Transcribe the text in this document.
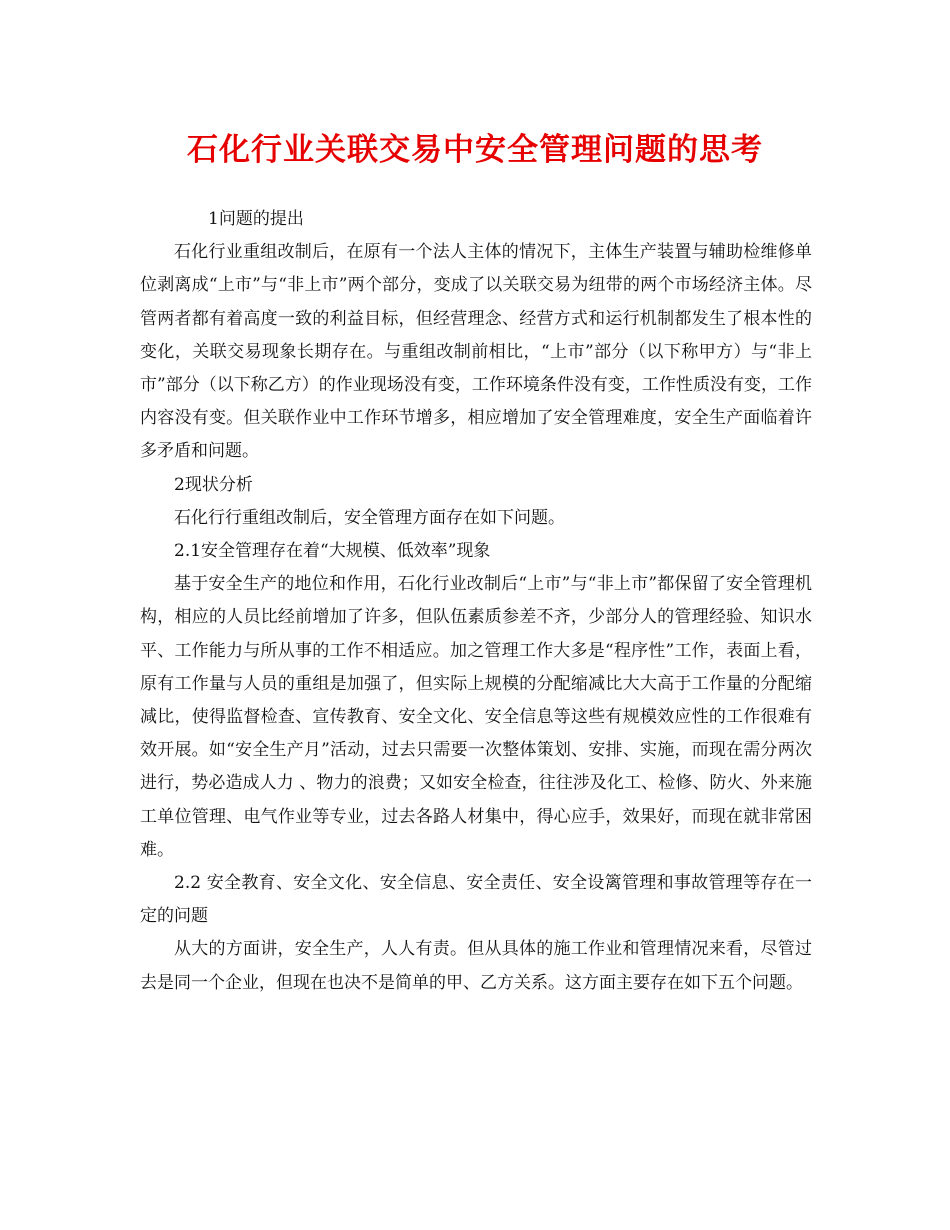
石化行业关联交易中安全管理问题的思考

1问题的提出

石化行业重组改制后，在原有一个法人主体的情况下，主体生产装置与辅助检维修单位剥离成“上市”与“非上市”两个部分，变成了以关联交易为纽带的两个市场经济主体。尽管两者都有着高度一致的利益目标，但经营理念、经营方式和运行机制都发生了根本性的变化，关联交易现象长期存在。与重组改制前相比，“上市”部分（以下称甲方）与“非上市”部分（以下称乙方）的作业现场没有变，工作环境条件没有变，工作性质没有变，工作内容没有变。但关联作业中工作环节增多，相应增加了安全管理难度，安全生产面临着许多矛盾和问题。

2现状分析

石化行行重组改制后，安全管理方面存在如下问题。

2.1安全管理存在着“大规模、低效率”现象

基于安全生产的地位和作用，石化行业改制后“上市”与“非上市”都保留了安全管理机构，相应的人员比经前增加了许多，但队伍素质参差不齐，少部分人的管理经验、知识水平、工作能力与所从事的工作不相适应。加之管理工作大多是“程序性”工作，表面上看，原有工作量与人员的重组是加强了，但实际上规模的分配缩减比大大高于工作量的分配缩减比，使得监督检查、宣传教育、安全文化、安全信息等这些有规模效应性的工作很难有效开展。如“安全生产月”活动，过去只需要一次整体策划、安排、实施，而现在需分两次进行，势必造成人力 、物力的浪费；又如安全检查，往往涉及化工、检修、防火、外来施工单位管理、电气作业等专业，过去各路人材集中，得心应手，效果好，而现在就非常困难。

2.2 安全教育、安全文化、安全信息、安全责任、安全设篱管理和事故管理等存在一定的问题

从大的方面讲，安全生产，人人有责。但从具体的施工作业和管理情况来看，尽管过去是同一个企业，但现在也决不是简单的甲、乙方关系。这方面主要存在如下五个问题。
